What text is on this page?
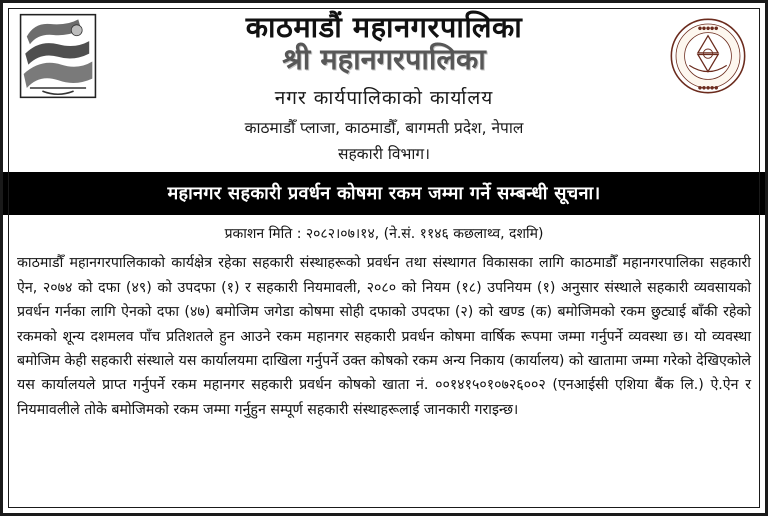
●●●●●
●●●●●
काठमाडौं महानगरपालिका
श्री महानगरपालिका
नगर कार्यपालिकाको कार्यालय
काठमाडौँ प्लाजा, काठमाडौँ, बागमती प्रदेश, नेपाल
सहकारी विभाग।
महानगर सहकारी प्रवर्धन कोषमा रकम जम्मा गर्ने सम्बन्धी सूचना।
प्रकाशन मिति : २०८२।०७।१४, (ने.सं. ११४६ कछलाथ्व, दशमि)

काठमाडौँ महानगरपालिकाको कार्यक्षेत्र रहेका सहकारी संस्थाहरूको प्रवर्धन तथा संस्थागत विकासका लागि काठमाडौँ महानगरपालिका सहकारी ऐन, २०७४ को दफा (४९) को उपदफा (१) र सहकारी नियमावली, २०८० को नियम (१८) उपनियम (१) अनुसार संस्थाले सहकारी व्यवसायको प्रवर्धन गर्नका लागि ऐनको दफा (४७) बमोजिम जगेडा कोषमा सोही दफाको उपदफा (२) को खण्ड (क) बमोजिमको रकम छुट्याई बाँकी रहेको रकमको शून्य दशमलव पाँच प्रतिशतले हुन आउने रकम महानगर सहकारी प्रवर्धन कोषमा वार्षिक रूपमा जम्मा गर्नुपर्ने व्यवस्था छ। यो व्यवस्था बमोजिम केही सहकारी संस्थाले यस कार्यालयमा दाखिला गर्नुपर्ने उक्त कोषको रकम अन्य निकाय (कार्यालय) को खातामा जम्मा गरेको देखिएकोले यस कार्यालयले प्राप्त गर्नुपर्ने रकम महानगर सहकारी प्रवर्धन कोषको खाता नं. ००१४१५०१०७२६००२ (एनआईसी एशिया बैंक लि.) ऐ.ऐन र नियमावलीले तोके बमोजिमको रकम जम्मा गर्नुहुन सम्पूर्ण सहकारी संस्थाहरूलाई जानकारी गराइन्छ।
